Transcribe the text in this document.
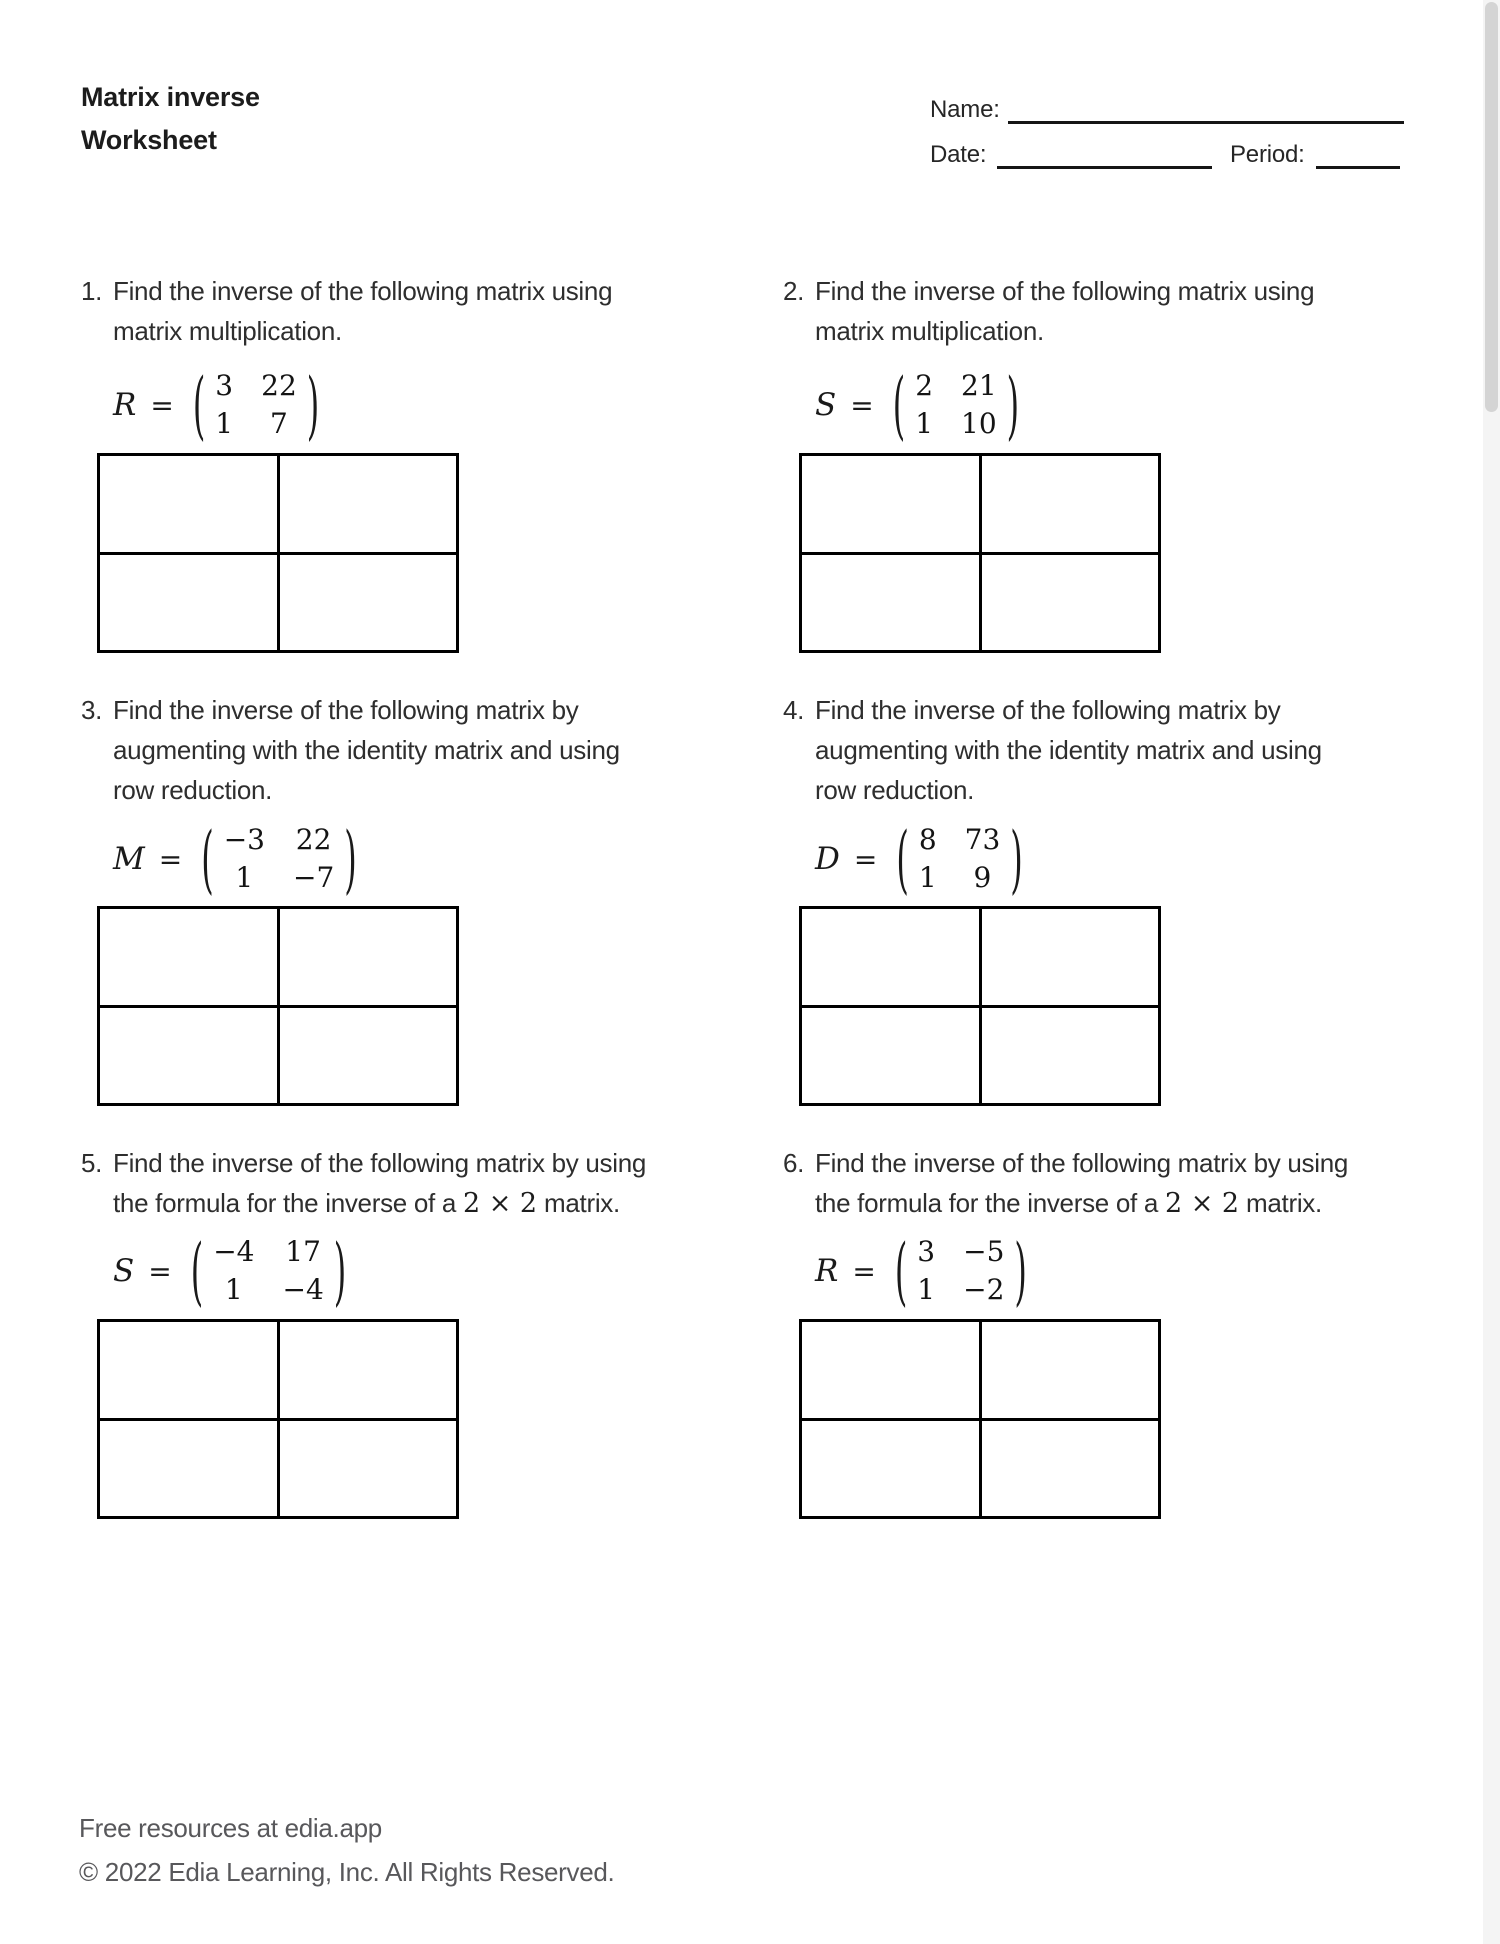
Matrix inverse
Worksheet
Name:
Date:	Period:
1. Find the inverse of the following matrix using
matrix multiplication.
R = ( 3
1
22
7 )
2. Find the inverse of the following matrix using
matrix multiplication.
S = ( 2
1
21
10 )
3. Find the inverse of the following matrix by
augmenting with the identity matrix and using
row reduction.
M = ( −3
1
22
−7 )
4. Find the inverse of the following matrix by
augmenting with the identity matrix and using
row reduction.
D = ( 8
1
73
9 )
5. Find the inverse of the following matrix by using
the formula for the inverse of a 2 × 2 matrix.
S = ( −4
1
17
−4 )
6. Find the inverse of the following matrix by using
the formula for the inverse of a 2 × 2 matrix.
R = ( 3
1
−5
−2 )
Free resources at edia.app
© 2022 Edia Learning, Inc. All Rights Reserved.
